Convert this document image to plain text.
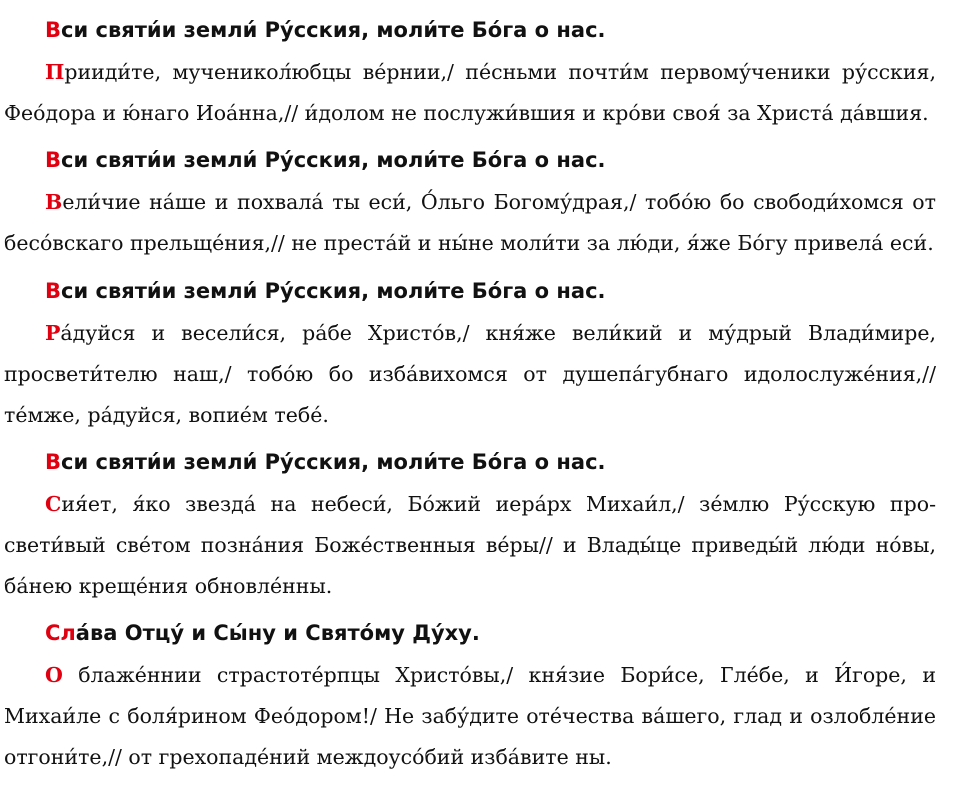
Вси святи́и земли́ Ру́сския, моли́те Бо́га о нас.

Прииди́те, мученикол́юбцы ве́рнии,/ пе́сньми почти́м первому́ченики ру́сския, Фео́дора и ю́наго Иоа́нна,// и́долом не послужи́вшия и кро́ви своя́ за Христа́ да́вшия.

Вси святи́и земли́ Ру́сския, моли́те Бо́га о нас.

Вели́чие на́ше и похвала́ ты еси́, О́льго Богому́драя,/ тобо́ю бо свободи́хомся от бесо́вскаго прельще́ния,// не преста́й и ны́не моли́ти за лю́ди, я́же Бо́гу привела́ еси́.

Вси святи́и земли́ Ру́сския, моли́те Бо́га о нас.

Ра́дуйся и весели́ся, ра́бе Христо́в,/ кня́же вели́кий и му́дрый Влади́мире, просвети́телю наш,/ тобо́ю бо изба́вихомся от душепа́губнаго идолослуже́ния,// те́мже, ра́дуйся, вопие́м тебе́.

Вси святи́и земли́ Ру́сския, моли́те Бо́га о нас.

Сия́ет, я́ко звезда́ на небеси́, Бо́жий иера́рх Михаи́л,/ зе́млю Ру́сскую просвети́вый све́том позна́ния Боже́ственныя ве́ры// и Влады́це приведы́й лю́ди но́вы, ба́нею креще́ния обновле́нны.

Сла́ва Отцу́ и Сы́ну и Свято́му Ду́ху.

О блаже́ннии страстоте́рпцы Христо́вы,/ кня́зие Бори́се, Гле́бе, и И́горе, и Михаи́ле с боля́рином Фео́дором!/ Не забу́дите оте́чества ва́шего, глад и озлобле́ние отгони́те,// от грехопаде́ний междоусо́бий изба́вите ны.
